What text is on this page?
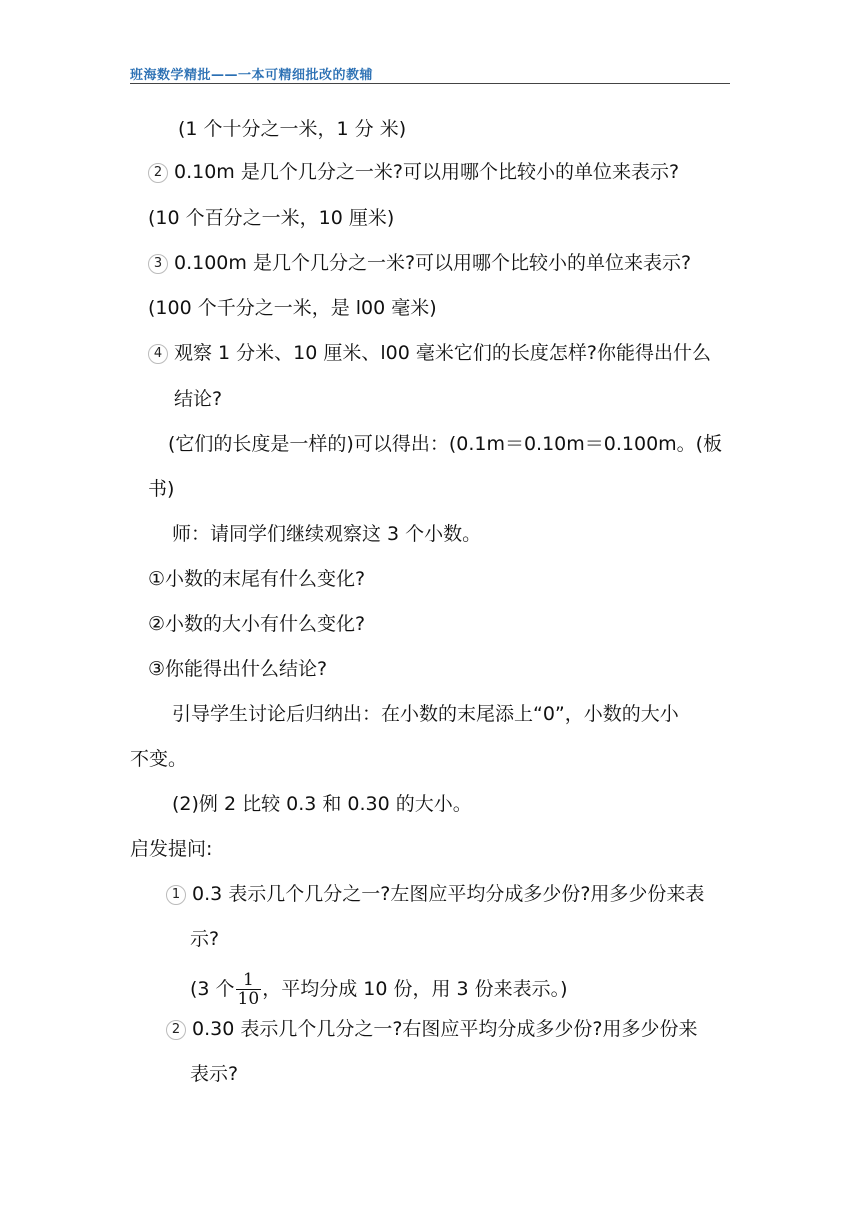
班海数学精批——一本可精细批改的教辅
(1 个十分之一米，1 分 米)
2 0.10m 是几个几分之一米?可以用哪个比较小的单位来表示?
(10 个百分之一米，10 厘米)
3 0.100m 是几个几分之一米?可以用哪个比较小的单位来表示?
(100 个千分之一米，是 l00 毫米)
4 观察 1 分米、10 厘米、l00 毫米它们的长度怎样?你能得出什么
结论?
(它们的长度是一样的)可以得出：(0.1m＝0.10m＝0.100m。(板
书)
师：请同学们继续观察这 3 个小数。
①小数的末尾有什么变化?
②小数的大小有什么变化?
③你能得出什么结论?
引导学生讨论后归纳出：在小数的末尾添上“0”，小数的大小
不变。
(2)例 2 比较 0.3 和 0.30 的大小。
启发提问:
1 0.3 表示几个几分之一?左图应平均分成多少份?用多少份来表
示?
(3 个 $\frac{1}{10}$ ，平均分成 10 份，用 3 份来表示。)
2 0.30 表示几个几分之一?右图应平均分成多少份?用多少份来
表示?
